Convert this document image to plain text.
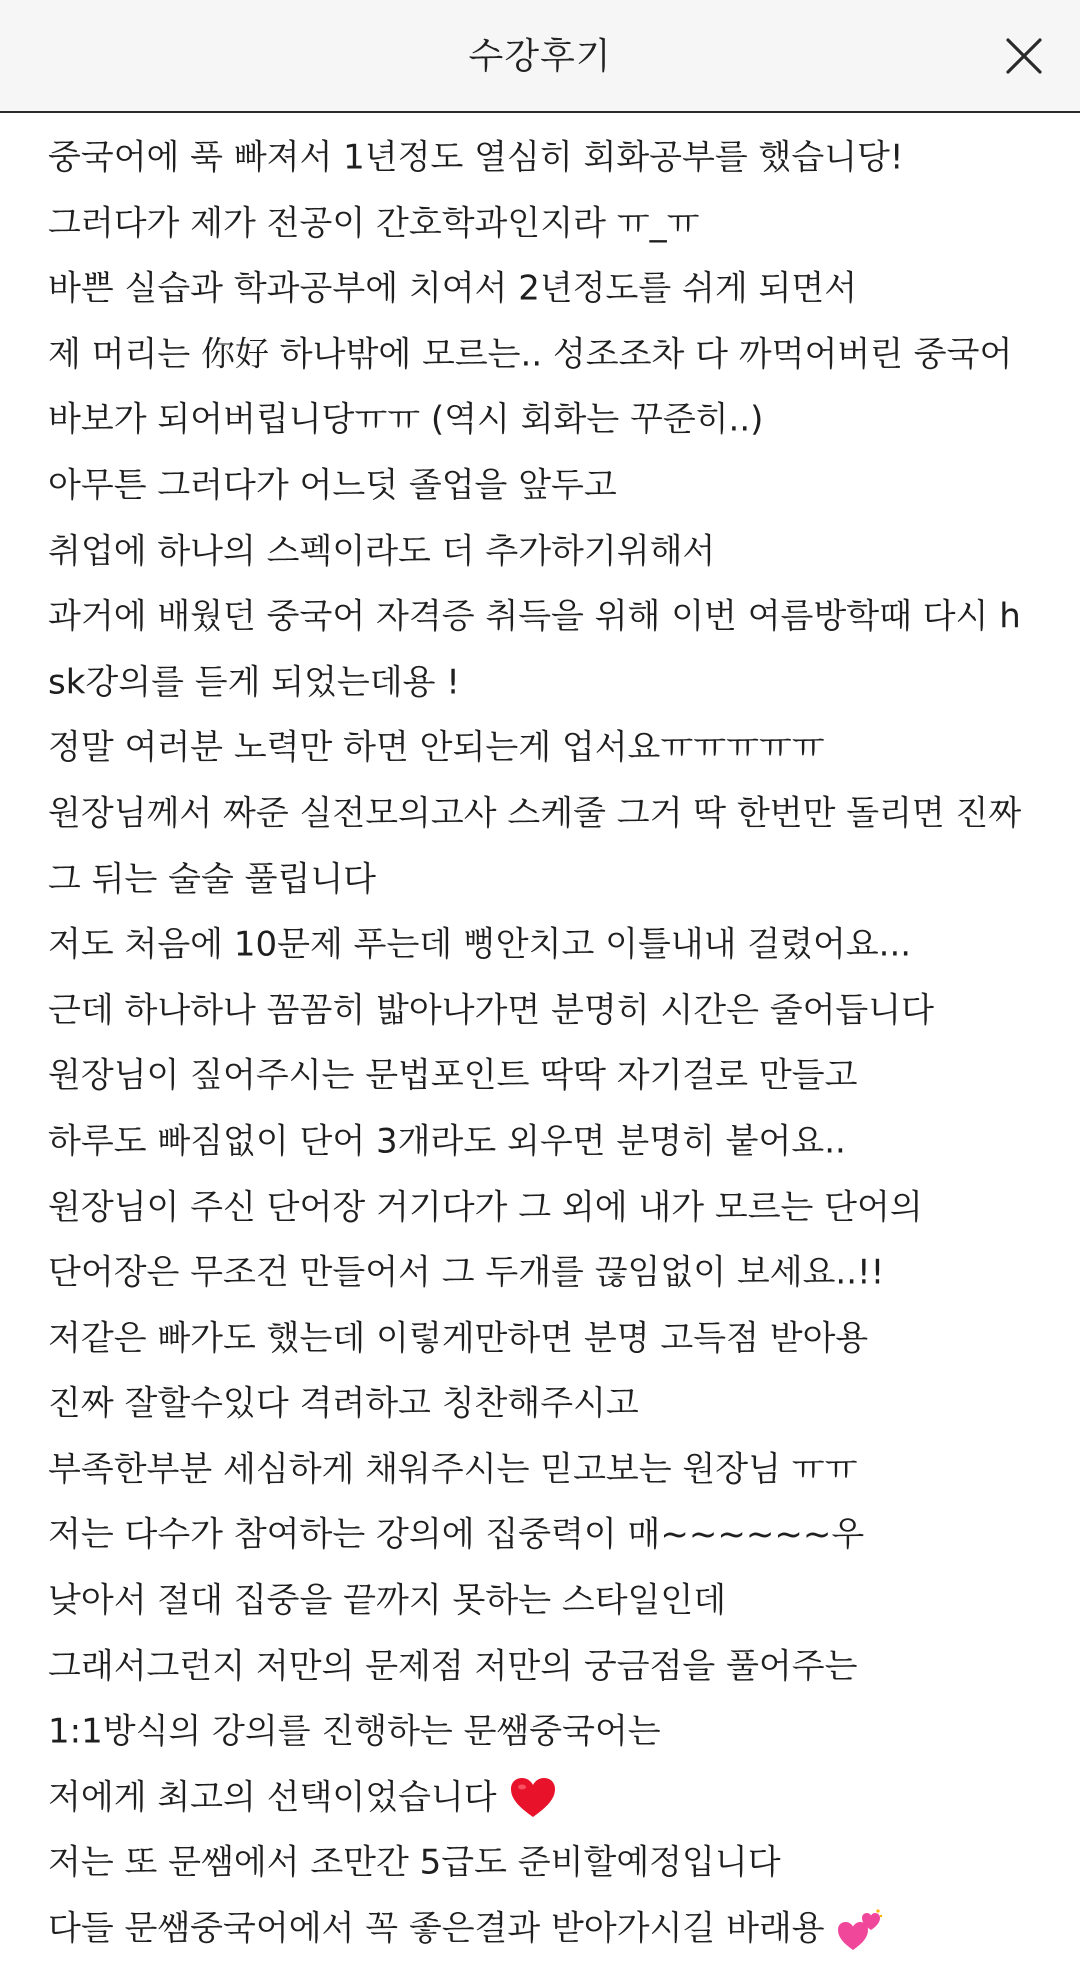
수강후기
중국어에 푹 빠져서 1년정도 열심히 회화공부를 했습니당!
그러다가 제가 전공이 간호학과인지라 ㅠ_ㅠ
바쁜 실습과 학과공부에 치여서 2년정도를 쉬게 되면서
제 머리는 你好 하나밖에 모르는.. 성조조차 다 까먹어버린 중국어
바보가 되어버립니당ㅠㅠ (역시 회화는 꾸준히..)
아무튼 그러다가 어느덧 졸업을 앞두고
취업에 하나의 스펙이라도 더 추가하기위해서
과거에 배웠던 중국어 자격증 취득을 위해 이번 여름방학때 다시 h
sk강의를 듣게 되었는데용 !
정말 여러분 노력만 하면 안되는게 업서요ㅠㅠㅠㅠㅠ
원장님께서 짜준 실전모의고사 스케줄 그거 딱 한번만 돌리면 진짜
그 뒤는 술술 풀립니다
저도 처음에 10문제 푸는데 뻥안치고 이틀내내 걸렸어요...
근데 하나하나 꼼꼼히 밟아나가면 분명히 시간은 줄어듭니다
원장님이 짚어주시는 문법포인트 딱딱 자기걸로 만들고
하루도 빠짐없이 단어 3개라도 외우면 분명히 붙어요..
원장님이 주신 단어장 거기다가 그 외에 내가 모르는 단어의
단어장은 무조건 만들어서 그 두개를 끊임없이 보세요..!!
저같은 빠가도 했는데 이렇게만하면 분명 고득점 받아용
진짜 잘할수있다 격려하고 칭찬해주시고
부족한부분 세심하게 채워주시는 믿고보는 원장님 ㅠㅠ
저는 다수가 참여하는 강의에 집중력이 매~~~~~~우
낮아서 절대 집중을 끝까지 못하는 스타일인데
그래서그런지 저만의 문제점 저만의 궁금점을 풀어주는
1:1방식의 강의를 진행하는 문쌤중국어는
저에게 최고의 선택이었습니다
저는 또 문쌤에서 조만간 5급도 준비할예정입니다
다들 문쌤중국어에서 꼭 좋은결과 받아가시길 바래용
